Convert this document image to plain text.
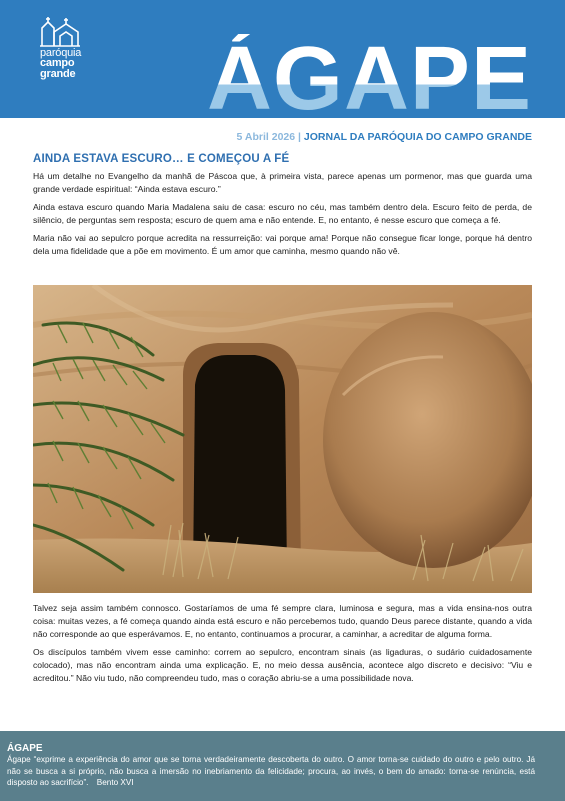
paróquia
campo
grande ÁGAPE
5 Abril 2026 | JORNAL DA PARÓQUIA DO CAMPO GRANDE
AINDA ESTAVA ESCURO… E COMEÇOU A FÉ

Há um detalhe no Evangelho da manhã de Páscoa que, à primeira vista, parece apenas um pormenor, mas que guarda uma grande verdade espiritual: “Ainda estava escuro.”

Ainda estava escuro quando Maria Madalena saiu de casa: escuro no céu, mas também dentro dela. Escuro feito de perda, de silêncio, de perguntas sem resposta; escuro de quem ama e não entende. E, no entanto, é nesse escuro que começa a fé.

Maria não vai ao sepulcro porque acredita na ressurreição: vai porque ama! Porque não consegue ficar longe, porque há dentro dela uma fidelidade que a põe em movimento. É um amor que caminha, mesmo quando não vê.

Talvez seja assim também connosco. Gostaríamos de uma fé sempre clara, luminosa e segura, mas a vida ensina-nos outra coisa: muitas vezes, a fé começa quando ainda está escuro e não percebemos tudo, quando Deus parece distante, quando a vida não corresponde ao que esperávamos. E, no entanto, continuamos a procurar, a caminhar, a acreditar de alguma forma.

Os discípulos também vivem esse caminho: correm ao sepulcro, encontram sinais (as ligaduras, o sudário cuidadosamente colocado), mas não encontram ainda uma explicação. E, no meio dessa ausência, acontece algo discreto e decisivo: “Viu e acreditou.” Não viu tudo, não compreendeu tudo, mas o coração abriu-se a uma possibilidade nova.

ÁGAPE
Ágape “exprime a experiência do amor que se torna verdadeiramente descoberta do outro. O amor torna-se cuidado do outro e pelo outro. Já não se busca a si próprio, não busca a imersão no inebriamento da felicidade; procura, ao invés, o bem do amado: torna-se renúncia, está disposto ao sacrifício”. Bento XVI
